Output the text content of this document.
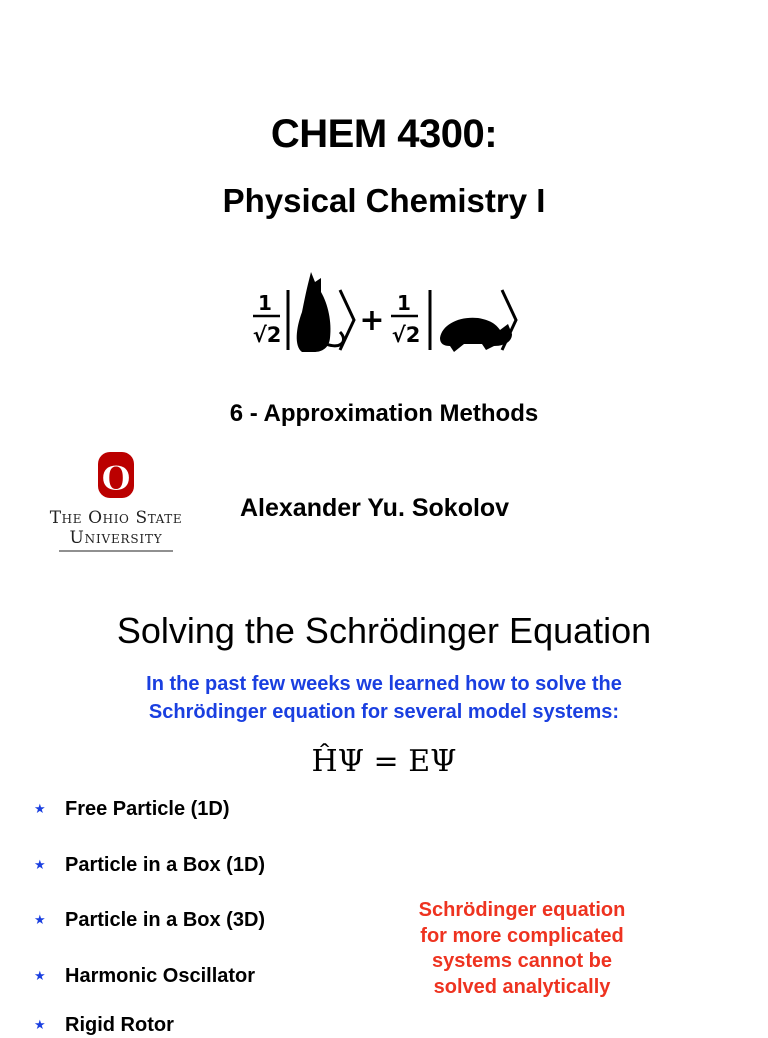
CHEM 4300:
Physical Chemistry I
1
√2	+ 1
√2
6 - Approximation Methods
O
The Ohio State
University
Alexander Yu. Sokolov
Solving the Schrödinger Equation
In the past few weeks we learned how to solve the
Schrödinger equation for several model systems:
ĤΨ = EΨ
★ Free Particle (1D)
★ Particle in a Box (1D)
★ Particle in a Box (3D)
★ Harmonic Oscillator
★ Rigid Rotor
Schrödinger equation
for more complicated
systems cannot be
solved analytically
